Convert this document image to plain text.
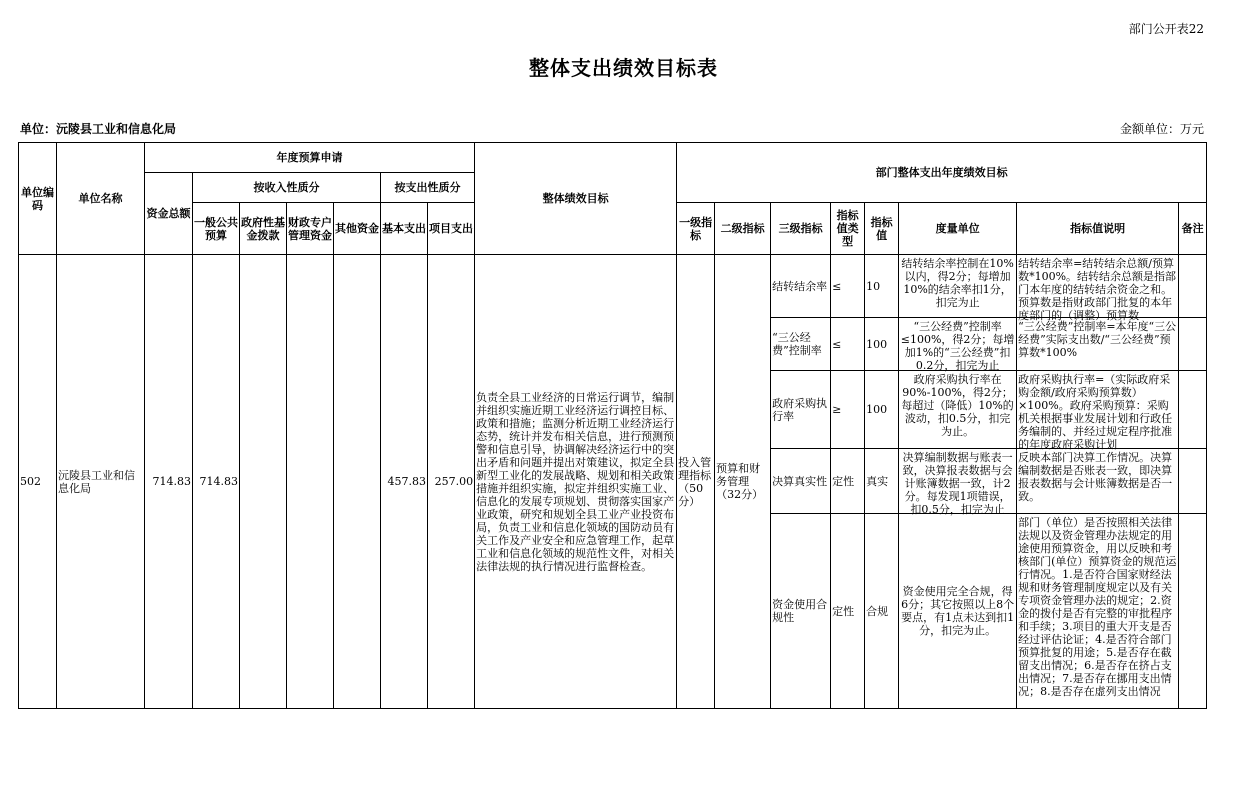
部门公开表22
整体支出绩效目标表
单位：沅陵县工业和信息化局	金额单位：万元
单位编码	单位名称	年度预算申请							整体绩效目标	部门整体支出年度绩效目标							
		资金总额	按收入性质分				按支出性质分										
			一般公共预算	政府性基金拨款	财政专户管理资金	其他资金	基本支出	项目支出		一级指标	二级指标	三级指标	指标值类型	指标值	度量单位	指标值说明	备注
502	沅陵县工业和信息化局	714.83	714.83				457.83	257.00	负责全县工业经济的日常运行调节，编制并组织实施近期工业经济运行调控目标、政策和措施；监测分析近期工业经济运行态势，统计并发布相关信息，进行预测预警和信息引导，协调解决经济运行中的突出矛盾和问题并提出对策建议，拟定全县新型工业化的发展战略、规划和相关政策措施并组织实施，拟定并组织实施工业、信息化的发展专项规划、贯彻落实国家产业政策，研究和规划全县工业产业投资布局，负责工业和信息化领域的国防动员有关工作及产业安全和应急管理工作，起草工业和信息化领域的规范性文件，对相关法律法规的执行情况进行监督检查。	投入管理指标（50分）	预算和财务管理（32分）	结转结余率	≤	10	结转结余率控制在10%以内，得2分；每增加10%的结余率扣1分，扣完为止	结转结余率=结转结余总额/预算数*100%。结转结余总额是指部门本年度的结转结余资金之和。预算数是指财政部门批复的本年度部门的（调整）预算数	

												“三公经费”控制率	≤	100	“三公经费”控制率≤100%，得2分；每增加1%的“三公经费”扣0.2分，扣完为止	“三公经费”控制率=本年度“三公经费”实际支出数/“三公经费”预算数*100%	

												政府采购执行率	≥	100	政府采购执行率在90%-100%，得2分；每超过（降低）10%的波动，扣0.5分，扣完为止。	政府采购执行率=（实际政府采购金额/政府采购预算数）×100%。政府采购预算：采购机关根据事业发展计划和行政任务编制的、并经过规定程序批准的年度政府采购计划	

												决算真实性	定性	真实	决算编制数据与账表一致，决算报表数据与会计账簿数据一致，计2分。每发现1项错误，扣0.5分，扣完为止	反映本部门决算工作情况。决算编制数据是否账表一致，即决算报表数据与会计账簿数据是否一致。	

												资金使用合规性	定性	合规	资金使用完全合规，得6分；其它按照以上8个要点，有1点未达到扣1分，扣完为止。	部门（单位）是否按照相关法律法规以及资金管理办法规定的用途使用预算资金，用以反映和考核部门(单位）预算资金的规范运行情况。1.是否符合国家财经法规和财务管理制度规定以及有关专项资金管理办法的规定；2.资金的拨付是否有完整的审批程序和手续；3.项目的重大开支是否经过评估论证；4.是否符合部门预算批复的用途；5.是否存在截留支出情况；6.是否存在挤占支出情况；7.是否存在挪用支出情况；8.是否存在虚列支出情况	
